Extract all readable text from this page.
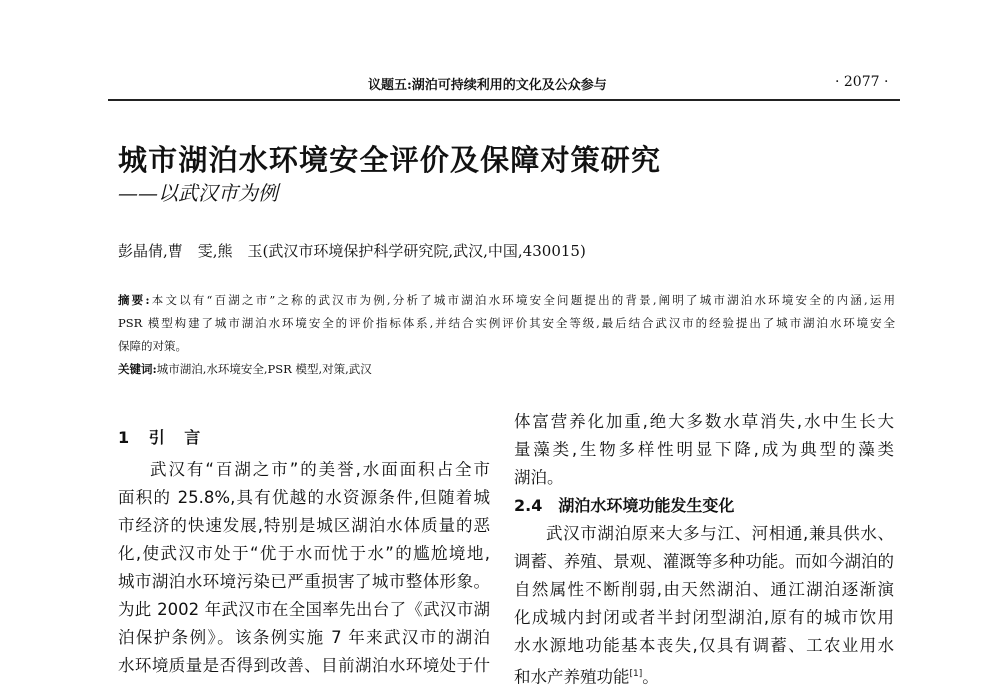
议题五:湖泊可持续利用的文化及公众参与	· 2077 ·
城市湖泊水环境安全评价及保障对策研究
——以武汉市为例
彭晶倩,曹　雯,熊　玉(武汉市环境保护科学研究院,武汉,中国,430015)
摘要:本文以有“百湖之市”之称的武汉市为例,分析了城市湖泊水环境安全问题提出的背景,阐明了城市湖泊水环境安全的内涵,运用
PSR 模型构建了城市湖泊水环境安全的评价指标体系,并结合实例评价其安全等级,最后结合武汉市的经验提出了城市湖泊水环境安全
保障的对策。
关键词:城市湖泊,水环境安全,PSR 模型,对策,武汉
1 引 言
武汉有“百湖之市”的美誉,水面面积占全市
面积的 25.8%,具有优越的水资源条件,但随着城
市经济的快速发展,特别是城区湖泊水体质量的恶
化,使武汉市处于“优于水而忧于水”的尴尬境地,
城市湖泊水环境污染已严重损害了城市整体形象。
为此 2002 年武汉市在全国率先出台了《武汉市湖
泊保护条例》。该条例实施 7 年来武汉市的湖泊
水环境质量是否得到改善、目前湖泊水环境处于什
体富营养化加重,绝大多数水草消失,水中生长大
量藻类,生物多样性明显下降,成为典型的藻类
湖泊。
2.4　湖泊水环境功能发生变化
武汉市湖泊原来大多与江、河相通,兼具供水、
调蓄、养殖、景观、灌溉等多种功能。而如今湖泊的
自然属性不断削弱,由天然湖泊、通江湖泊逐渐演
化成城内封闭或者半封闭型湖泊,原有的城市饮用
水水源地功能基本丧失,仅具有调蓄、工农业用水
和水产养殖功能[1]。
